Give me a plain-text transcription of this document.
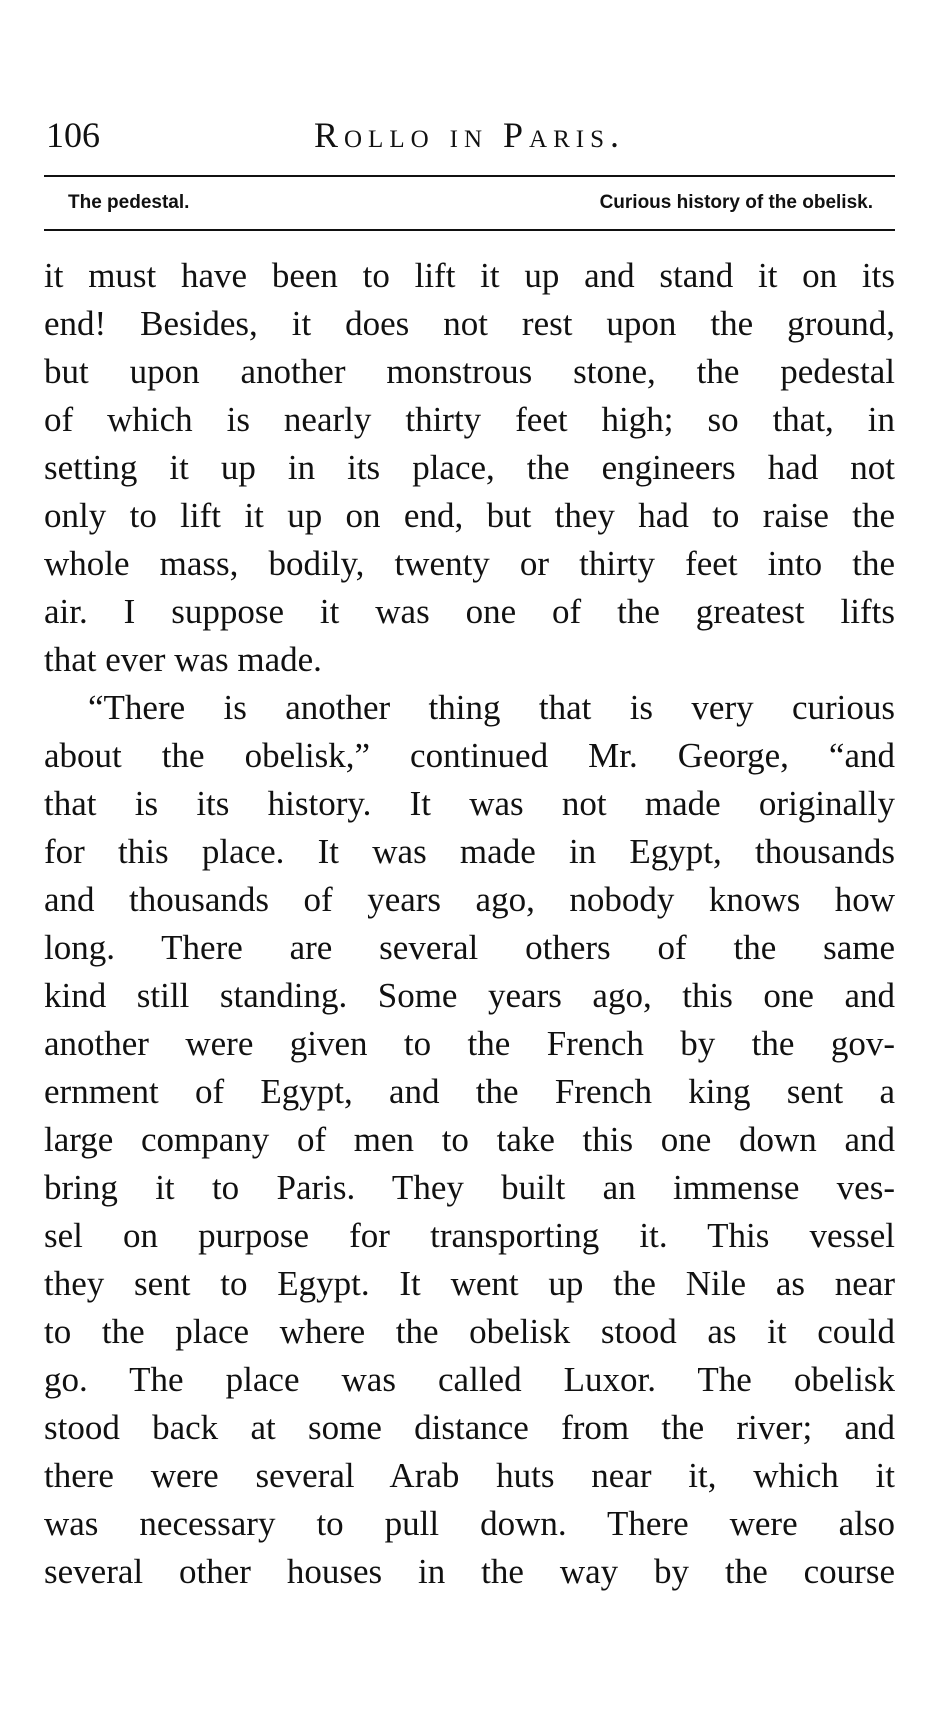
106	Rollo in Paris.
The pedestal.	Curious history of the obelisk.
it must have been to lift it up and stand it on its
end! Besides, it does not rest upon the ground,
but upon another monstrous stone, the pedestal
of which is nearly thirty feet high; so that, in
setting it up in its place, the engineers had not
only to lift it up on end, but they had to raise the
whole mass, bodily, twenty or thirty feet into the
air. I suppose it was one of the greatest lifts
that ever was made.
“There is another thing that is very curious
about the obelisk,” continued Mr. George, “and
that is its history. It was not made originally
for this place. It was made in Egypt, thousands
and thousands of years ago, nobody knows how
long. There are several others of the same
kind still standing. Some years ago, this one and
another were given to the French by the gov-
ernment of Egypt, and the French king sent a
large company of men to take this one down and
bring it to Paris. They built an immense ves-
sel on purpose for transporting it. This vessel
they sent to Egypt. It went up the Nile as near
to the place where the obelisk stood as it could
go. The place was called Luxor. The obelisk
stood back at some distance from the river; and
there were several Arab huts near it, which it
was necessary to pull down. There were also
several other houses in the way by the course
